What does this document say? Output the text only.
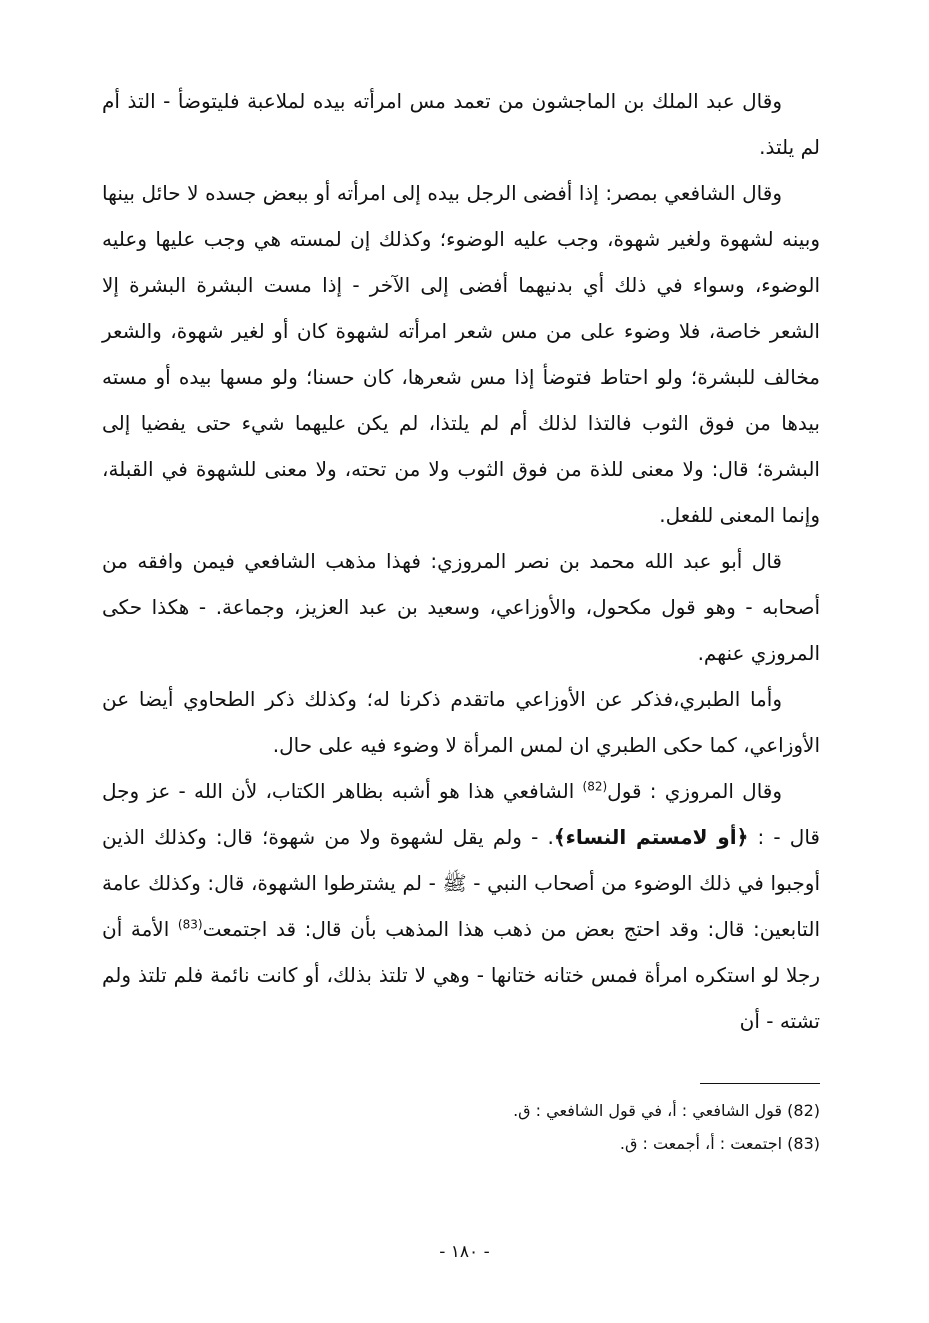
وقال عبد الملك بن الماجشون من تعمد مس امرأته بيده لملاعبة فليتوضأ - التذ أم لم يلتذ.

وقال الشافعي بمصر: إذا أفضى الرجل بيده إلى امرأته أو ببعض جسده لا حائل بينها وبينه لشهوة ولغير شهوة، وجب عليه الوضوء؛ وكذلك إن لمسته هي وجب عليها وعليه الوضوء، وسواء في ذلك أي بدنيهما أفضى إلى الآخر - إذا مست البشرة البشرة إلا الشعر خاصة، فلا وضوء على من مس شعر امرأته لشهوة كان أو لغير شهوة، والشعر مخالف للبشرة؛ ولو احتاط فتوضأ إذا مس شعرها، كان حسنا؛ ولو مسها بيده أو مسته بيدها من فوق الثوب فالتذا لذلك أم لم يلتذا، لم يكن عليهما شيء حتى يفضيا إلى البشرة؛ قال: ولا معنى للذة من فوق الثوب ولا من تحته، ولا معنى للشهوة في القبلة، وإنما المعنى للفعل.

قال أبو عبد الله محمد بن نصر المروزي: فهذا مذهب الشافعي فيمن وافقه من أصحابه - وهو قول مكحول، والأوزاعي، وسعيد بن عبد العزيز، وجماعة. - هكذا حكى المروزي عنهم.

وأما الطبري،فذكر عن الأوزاعي ماتقدم ذكرنا له؛ وكذلك ذكر الطحاوي أيضا عن الأوزاعي، كما حكى الطبري ان لمس المرأة لا وضوء فيه على حال.

وقال المروزي : قول$^{(82)}$ الشافعي هذا هو أشبه بظاهر الكتاب، لأن الله - عز وجل قال - : ﴿أو لامستم النساء﴾. - ولم يقل لشهوة ولا من شهوة؛ قال: وكذلك الذين أوجبوا في ذلك الوضوء من أصحاب النبي - ﷺ - لم يشترطوا الشهوة، قال: وكذلك عامة التابعين: قال: وقد احتج بعض من ذهب هذا المذهب بأن قال: قد اجتمعت$^{(83)}$ الأمة أن رجلا لو استكره امرأة فمس ختانه ختانها - وهي لا تلتذ بذلك، أو كانت نائمة فلم تلتذ ولم تشته - أن

(82) قول الشافعي : أ، في قول الشافعي : ق.

(83) اجتمعت : أ، أجمعت : ق.

- ١٨٠ -
